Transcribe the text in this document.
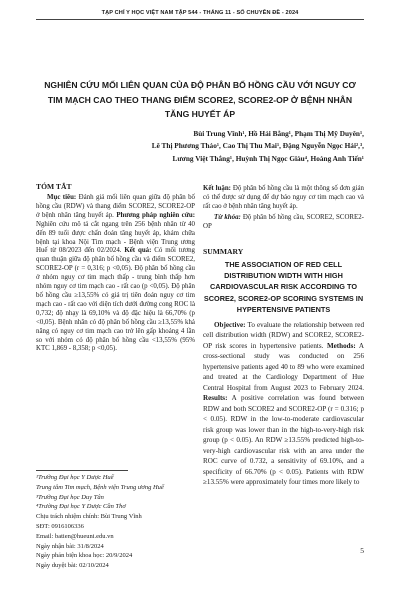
TẠP CHÍ Y HỌC VIỆT NAM TẬP 544 - THÁNG 11 - SỐ CHUYÊN ĐỀ - 2024
NGHIÊN CỨU MỐI LIÊN QUAN CỦA ĐỘ PHÂN BỐ HỒNG CẦU VỚI NGUY CƠ TIM MẠCH CAO THEO THANG ĐIỂM SCORE2, SCORE2-OP Ở BỆNH NHÂN TĂNG HUYẾT ÁP
Bùi Trung Vĩnh¹, Hồ Hải Bằng¹, Phạm Thị Mỹ Duyên¹,
Lê Thị Phương Thảo¹, Cao Thị Thu Mai¹, Đặng Nguyễn Ngọc Hải²,³,
Lương Việt Thắng¹, Huỳnh Thị Ngọc Giàu⁴, Hoàng Anh Tiến¹
TÓM TẮT

Mục tiêu: Đánh giá mối liên quan giữa độ phân bố hồng cầu (RDW) và thang điểm SCORE2, SCORE2-OP ở bệnh nhân tăng huyết áp. Phương pháp nghiên cứu: Nghiên cứu mô tả cắt ngang trên 256 bệnh nhân từ 40 đến 89 tuổi được chẩn đoán tăng huyết áp, khám chữa bệnh tại khoa Nội Tim mạch - Bệnh viện Trung ương Huế từ 08/2023 đến 02/2024. Kết quả: Có mối tương quan thuận giữa độ phân bố hồng cầu và điểm SCORE2, SCORE2-OP (r = 0,316; p <0,05). Độ phân bố hồng cầu ở nhóm nguy cơ tim mạch thấp - trung bình thấp hơn nhóm nguy cơ tim mạch cao - rất cao (p <0,05). Độ phân bố hồng cầu ≥13,55% có giá trị tiên đoán nguy cơ tim mạch cao - rất cao với diện tích dưới đường cong ROC là 0,732; độ nhạy là 69,10% và độ đặc hiệu là 66,70% (p <0,05). Bệnh nhân có độ phân bố hồng cầu ≥13,55% khả năng có nguy cơ tim mạch cao trở lên gấp khoảng 4 lần so với nhóm có độ phân bố hồng cầu <13,55% (95% KTC 1,869 - 8,358; p <0,05).

¹Trường Đại học Y Dược Huế
Trung tâm Tim mạch, Bệnh viện Trung ương Huế
³Trường Đại học Duy Tân
⁴Trường Đại học Y Dược Cần Thơ
Chịu trách nhiệm chính: Bùi Trung Vĩnh
SĐT: 0916106336
Email: batien@hueuni.edu.vn
Ngày nhận bài: 31/8/2024
Ngày phản biện khoa học: 20/9/2024
Ngày duyệt bài: 02/10/2024

Kết luận: Độ phân bố hồng cầu là một thông số đơn giản có thể được sử dụng để dự báo nguy cơ tim mạch cao và rất cao ở bệnh nhân tăng huyết áp.

Từ khóa: Độ phân bố hồng cầu, SCORE2, SCORE2-OP

SUMMARY
THE ASSOCIATION OF RED CELL DISTRIBUTION WIDTH WITH HIGH CARDIOVASCULAR RISK ACCORDING TO SCORE2, SCORE2-OP SCORING SYSTEMS IN HYPERTENSIVE PATIENTS

Objective: To evaluate the relationship between red cell distribution width (RDW) and SCORE2, SCORE2-OP risk scores in hypertensive patients. Methods: A cross-sectional study was conducted on 256 hypertensive patients aged 40 to 89 who were examined and treated at the Cardiology Department of Hue Central Hospital from August 2023 to February 2024. Results: A positive correlation was found between RDW and both SCORE2 and SCORE2-OP (r = 0.316; p < 0.05). RDW in the low-to-moderate cardiovascular risk group was lower than in the high-to-very-high risk group (p < 0.05). An RDW ≥13.55% predicted high-to-very-high cardiovascular risk with an area under the ROC curve of 0.732, a sensitivity of 69.10%, and a specificity of 66.70% (p < 0.05). Patients with RDW ≥13.55% were approximately four times more likely to

5
